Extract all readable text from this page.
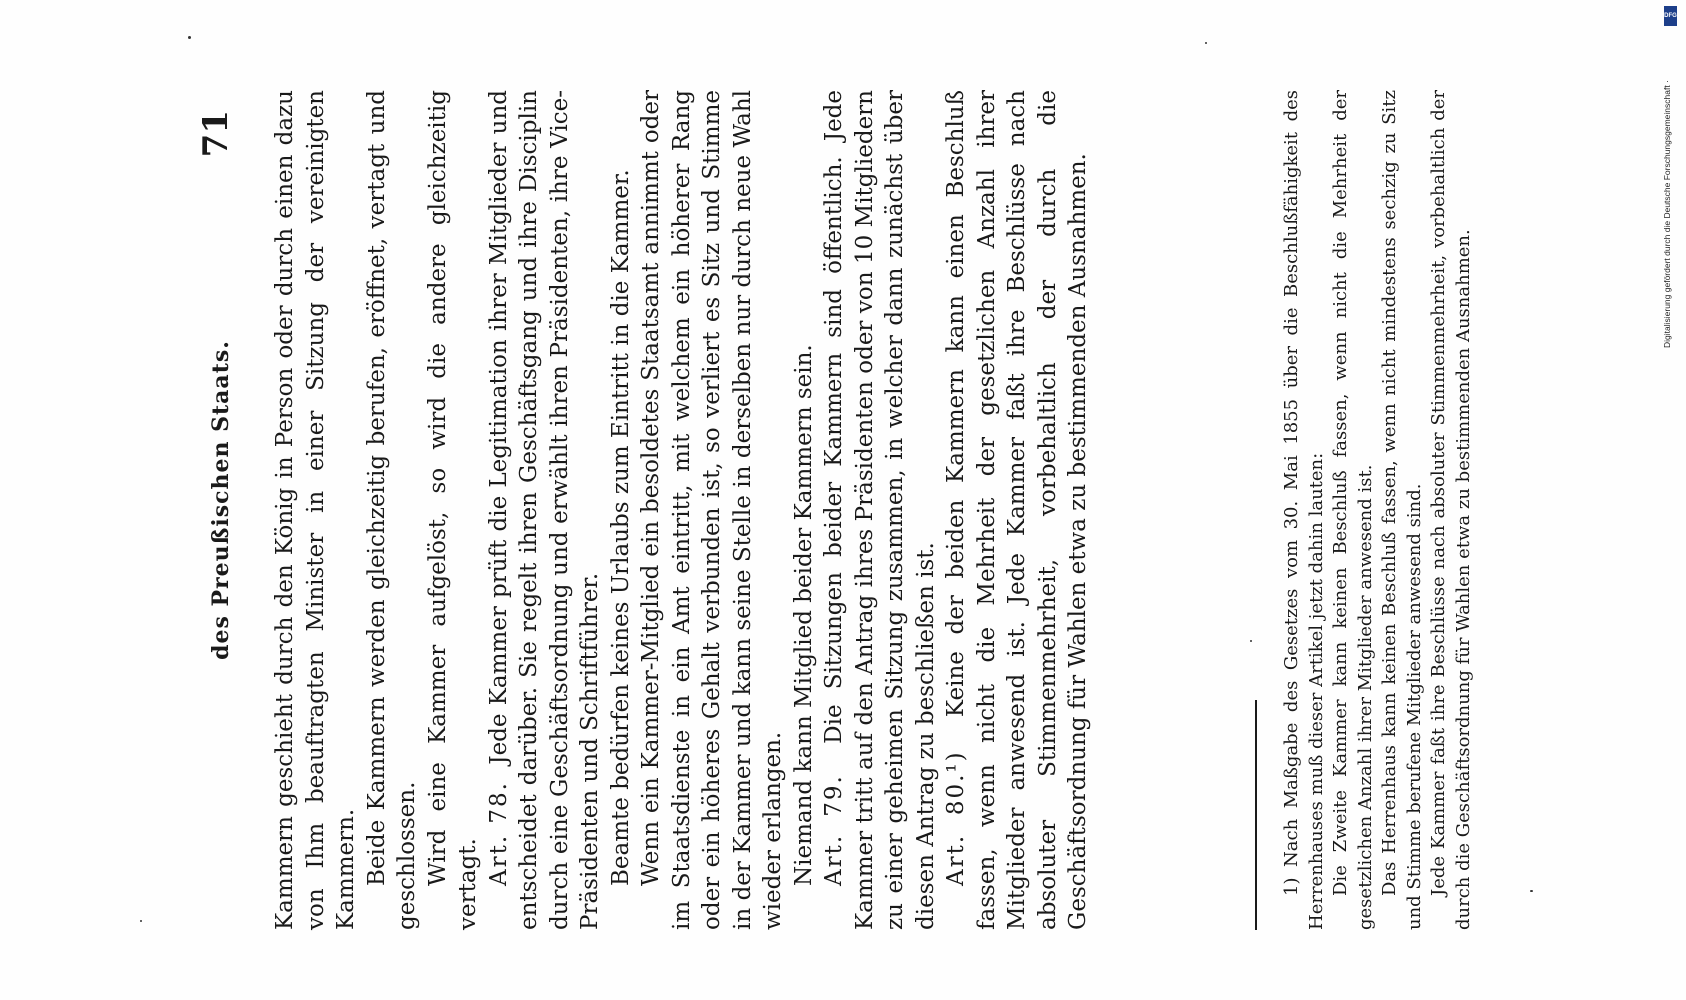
des Preußischen Staats.
71 Kammern geschieht durch den König in Person oder durch einen dazu von Ihm beauftragten Minister in einer Sitzung der vereinigten Kammern. Beide Kammern werden gleichzeitig berufen, eröffnet, vertagt und geschlossen. Wird eine Kammer aufgelöst, so wird die andere gleichzeitig vertagt. Art. 78.  Jede Kammer prüft die Legitimation ihrer Mitglieder und entscheidet darüber. Sie regelt ihren Geschäftsgang und ihre Disciplin durch eine Geschäftsordnung und erwählt ihren Präsidenten, ihre Vice-Präsidenten und Schriftführer. Beamte bedürfen keines Urlaubs zum Eintritt in die Kammer. Wenn ein Kammer-Mitglied ein besoldetes Staatsamt annimmt oder im Staatsdienste in ein Amt eintritt, mit welchem ein höherer Rang oder ein höheres Gehalt verbunden ist, so verliert es Sitz und Stimme in der Kammer und kann seine Stelle in derselben nur durch neue Wahl wieder erlangen. Niemand kann Mitglied beider Kammern sein. Art. 79.  Die Sitzungen beider Kammern sind öffentlich. Jede Kammer tritt auf den Antrag ihres Präsidenten oder von 10 Mitgliedern zu einer geheimen Sitzung zusammen, in welcher dann zunächst über diesen Antrag zu beschließen ist. Art. 80.¹)  Keine der beiden Kammern kann einen Beschluß fassen, wenn nicht die Mehrheit der gesetzlichen Anzahl ihrer Mitglieder anwesend ist. Jede Kammer faßt ihre Beschlüsse nach absoluter Stimmenmehrheit, vorbehaltlich der durch die Geschäftsordnung für Wahlen etwa zu bestimmenden Ausnahmen.	1) Nach Maßgabe des Gesetzes vom 30. Mai 1855 über die Beschlußfähigkeit des Herrenhauses muß dieser Artikel jetzt dahin lauten: Die Zweite Kammer kann keinen Beschluß fassen, wenn nicht die Mehrheit der gesetzlichen Anzahl ihrer Mitglieder anwesend ist. Das Herrenhaus kann keinen Beschluß fassen, wenn nicht mindestens sechzig zu Sitz und Stimme berufene Mitglieder anwesend sind. Jede Kammer faßt ihre Beschlüsse nach absoluter Stimmenmehrheit, vorbehaltlich der durch die Geschäftsordnung für Wahlen etwa zu bestimmenden Ausnahmen.

DFG
Digitalisierung gefördert durch die Deutsche Forschungsgemeinschaft ·
